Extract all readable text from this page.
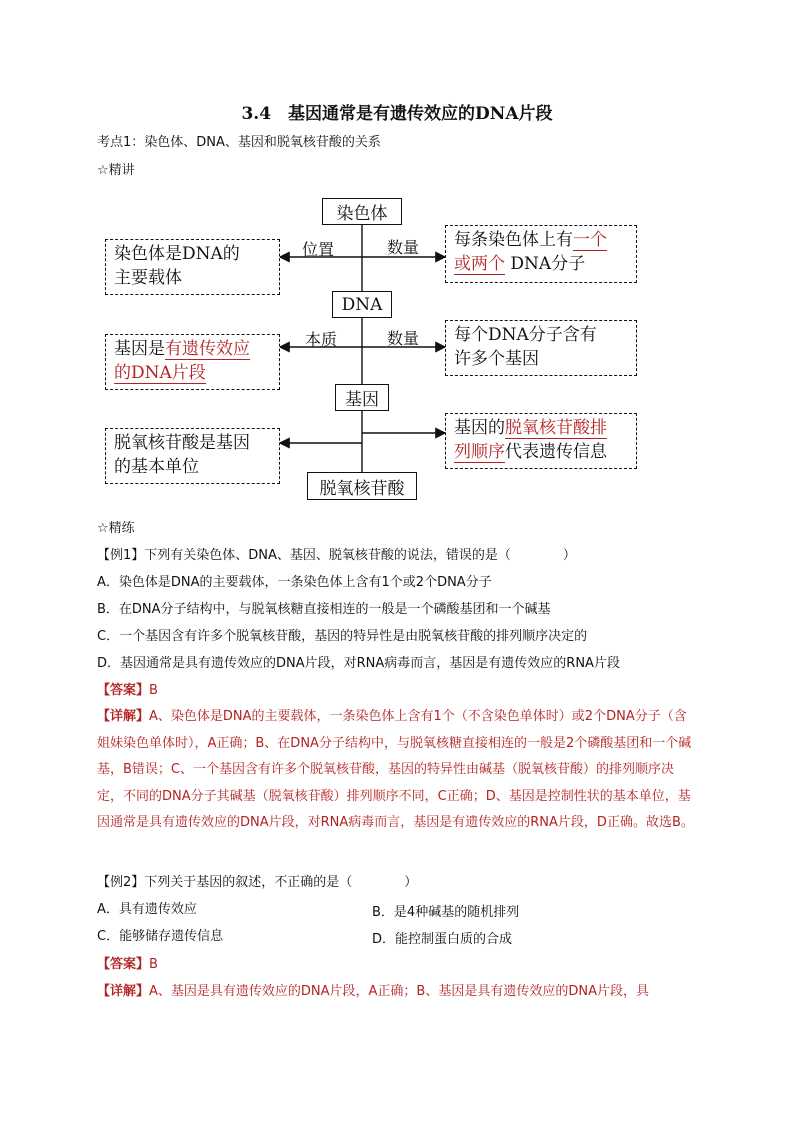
3.4　基因通常是有遗传效应的DNA片段
考点1：染色体、DNA、基因和脱氧核苷酸的关系
☆精讲
染色体
DNA
基因
脱氧核苷酸
位置	数量
本质	数量
染色体是DNA的
主要载体
每条染色体上有一个
或两个 DNA分子
基因是有遗传效应
的DNA片段
每个DNA分子含有
许多个基因
脱氧核苷酸是基因
的基本单位
基因的脱氧核苷酸排
列顺序代表遗传信息
☆精练
【例1】下列有关染色体、DNA、基因、脱氧核苷酸的说法，错误的是（　　　　）
A．染色体是DNA的主要载体，一条染色体上含有1个或2个DNA分子
B．在DNA分子结构中，与脱氧核糖直接相连的一般是一个磷酸基团和一个碱基
C．一个基因含有许多个脱氧核苷酸，基因的特异性是由脱氧核苷酸的排列顺序决定的
D．基因通常是具有遗传效应的DNA片段，对RNA病毒而言，基因是有遗传效应的RNA片段
【答案】B
【详解】A、染色体是DNA的主要载体，一条染色体上含有1个（不含染色单体时）或2个DNA分子（含姐妹染色单体时），A正确；B、在DNA分子结构中，与脱氧核糖直接相连的一般是2个磷酸基团和一个碱基，B错误；C、一个基因含有许多个脱氧核苷酸，基因的特异性由碱基（脱氧核苷酸）的排列顺序决定，不同的DNA分子其碱基（脱氧核苷酸）排列顺序不同，C正确；D、基因是控制性状的基本单位，基因通常是具有遗传效应的DNA片段，对RNA病毒而言，基因是有遗传效应的RNA片段，D正确。故选B。
【例2】下列关于基因的叙述，不正确的是（　　　　）
A．具有遗传效应	B．是4种碱基的随机排列
C．能够储存遗传信息	D．能控制蛋白质的合成
【答案】B
【详解】A、基因是具有遗传效应的DNA片段，A正确；B、基因是具有遗传效应的DNA片段，具
